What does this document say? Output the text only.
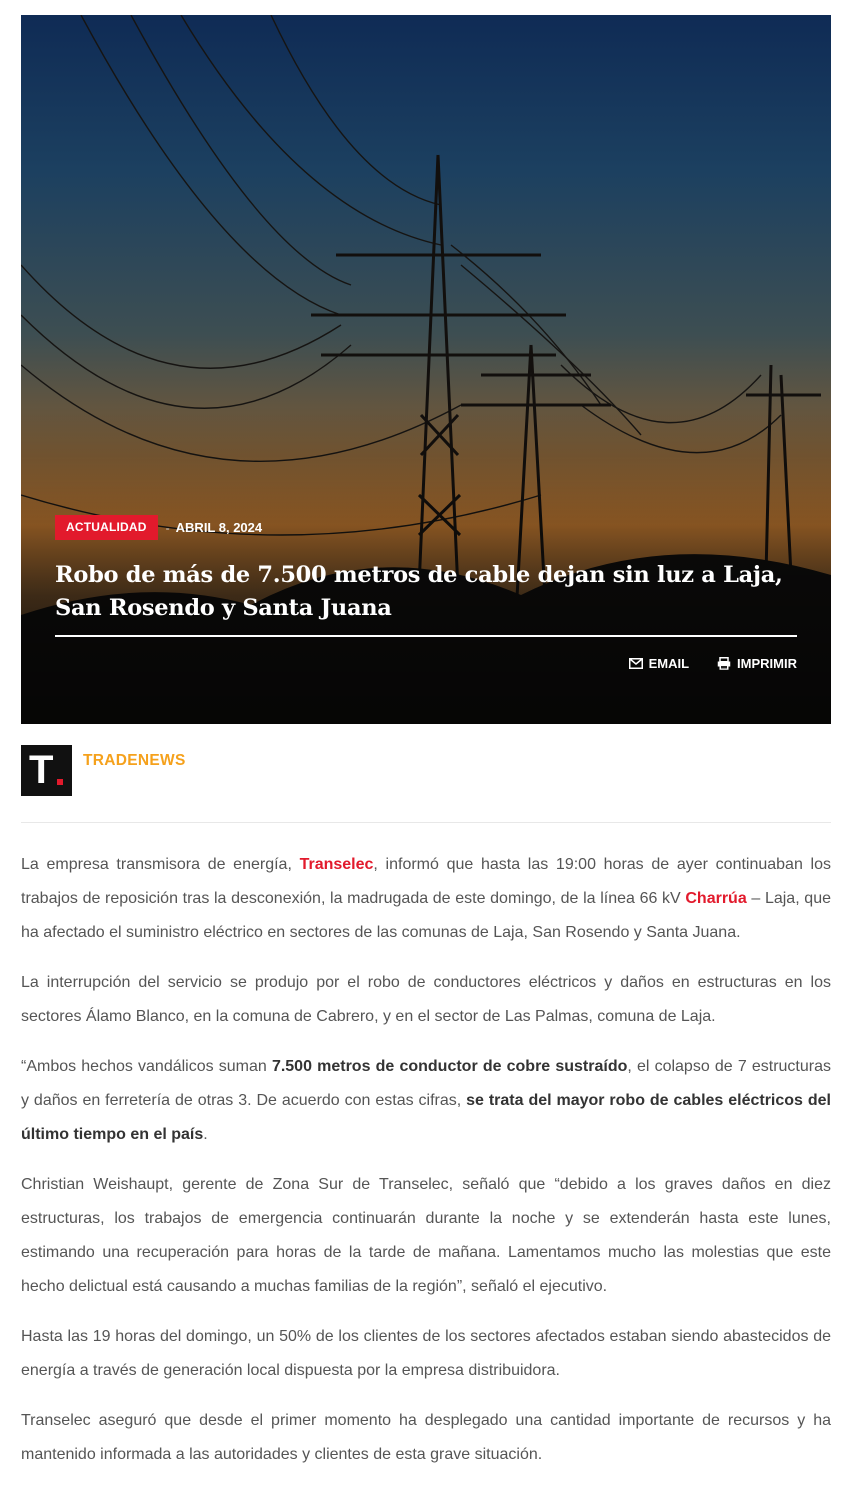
ACTUALIDAD	- ABRIL 8, 2024
Robo de más de 7.500 metros de cable dejan sin luz a Laja, San Rosendo y Santa Juana
EMAIL	IMPRIMIR
T TRADENEWS

La empresa transmisora de energía, Transelec, informó que hasta las 19:00 horas de ayer continuaban los trabajos de reposición tras la desconexión, la madrugada de este domingo, de la línea 66 kV Charrúa – Laja, que ha afectado el suministro eléctrico en sectores de las comunas de Laja, San Rosendo y Santa Juana.

La interrupción del servicio se produjo por el robo de conductores eléctricos y daños en estructuras en los sectores Álamo Blanco, en la comuna de Cabrero, y en el sector de Las Palmas, comuna de Laja.

“Ambos hechos vandálicos suman 7.500 metros de conductor de cobre sustraído, el colapso de 7 estructuras y daños en ferretería de otras 3. De acuerdo con estas cifras, se trata del mayor robo de cables eléctricos del último tiempo en el país.

Christian Weishaupt, gerente de Zona Sur de Transelec, señaló que “debido a los graves daños en diez estructuras, los trabajos de emergencia continuarán durante la noche y se extenderán hasta este lunes, estimando una recuperación para horas de la tarde de mañana. Lamentamos mucho las molestias que este hecho delictual está causando a muchas familias de la región”, señaló el ejecutivo.

Hasta las 19 horas del domingo, un 50% de los clientes de los sectores afectados estaban siendo abastecidos de energía a través de generación local dispuesta por la empresa distribuidora.

Transelec aseguró que desde el primer momento ha desplegado una cantidad importante de recursos y ha mantenido informada a las autoridades y clientes de esta grave situación.
